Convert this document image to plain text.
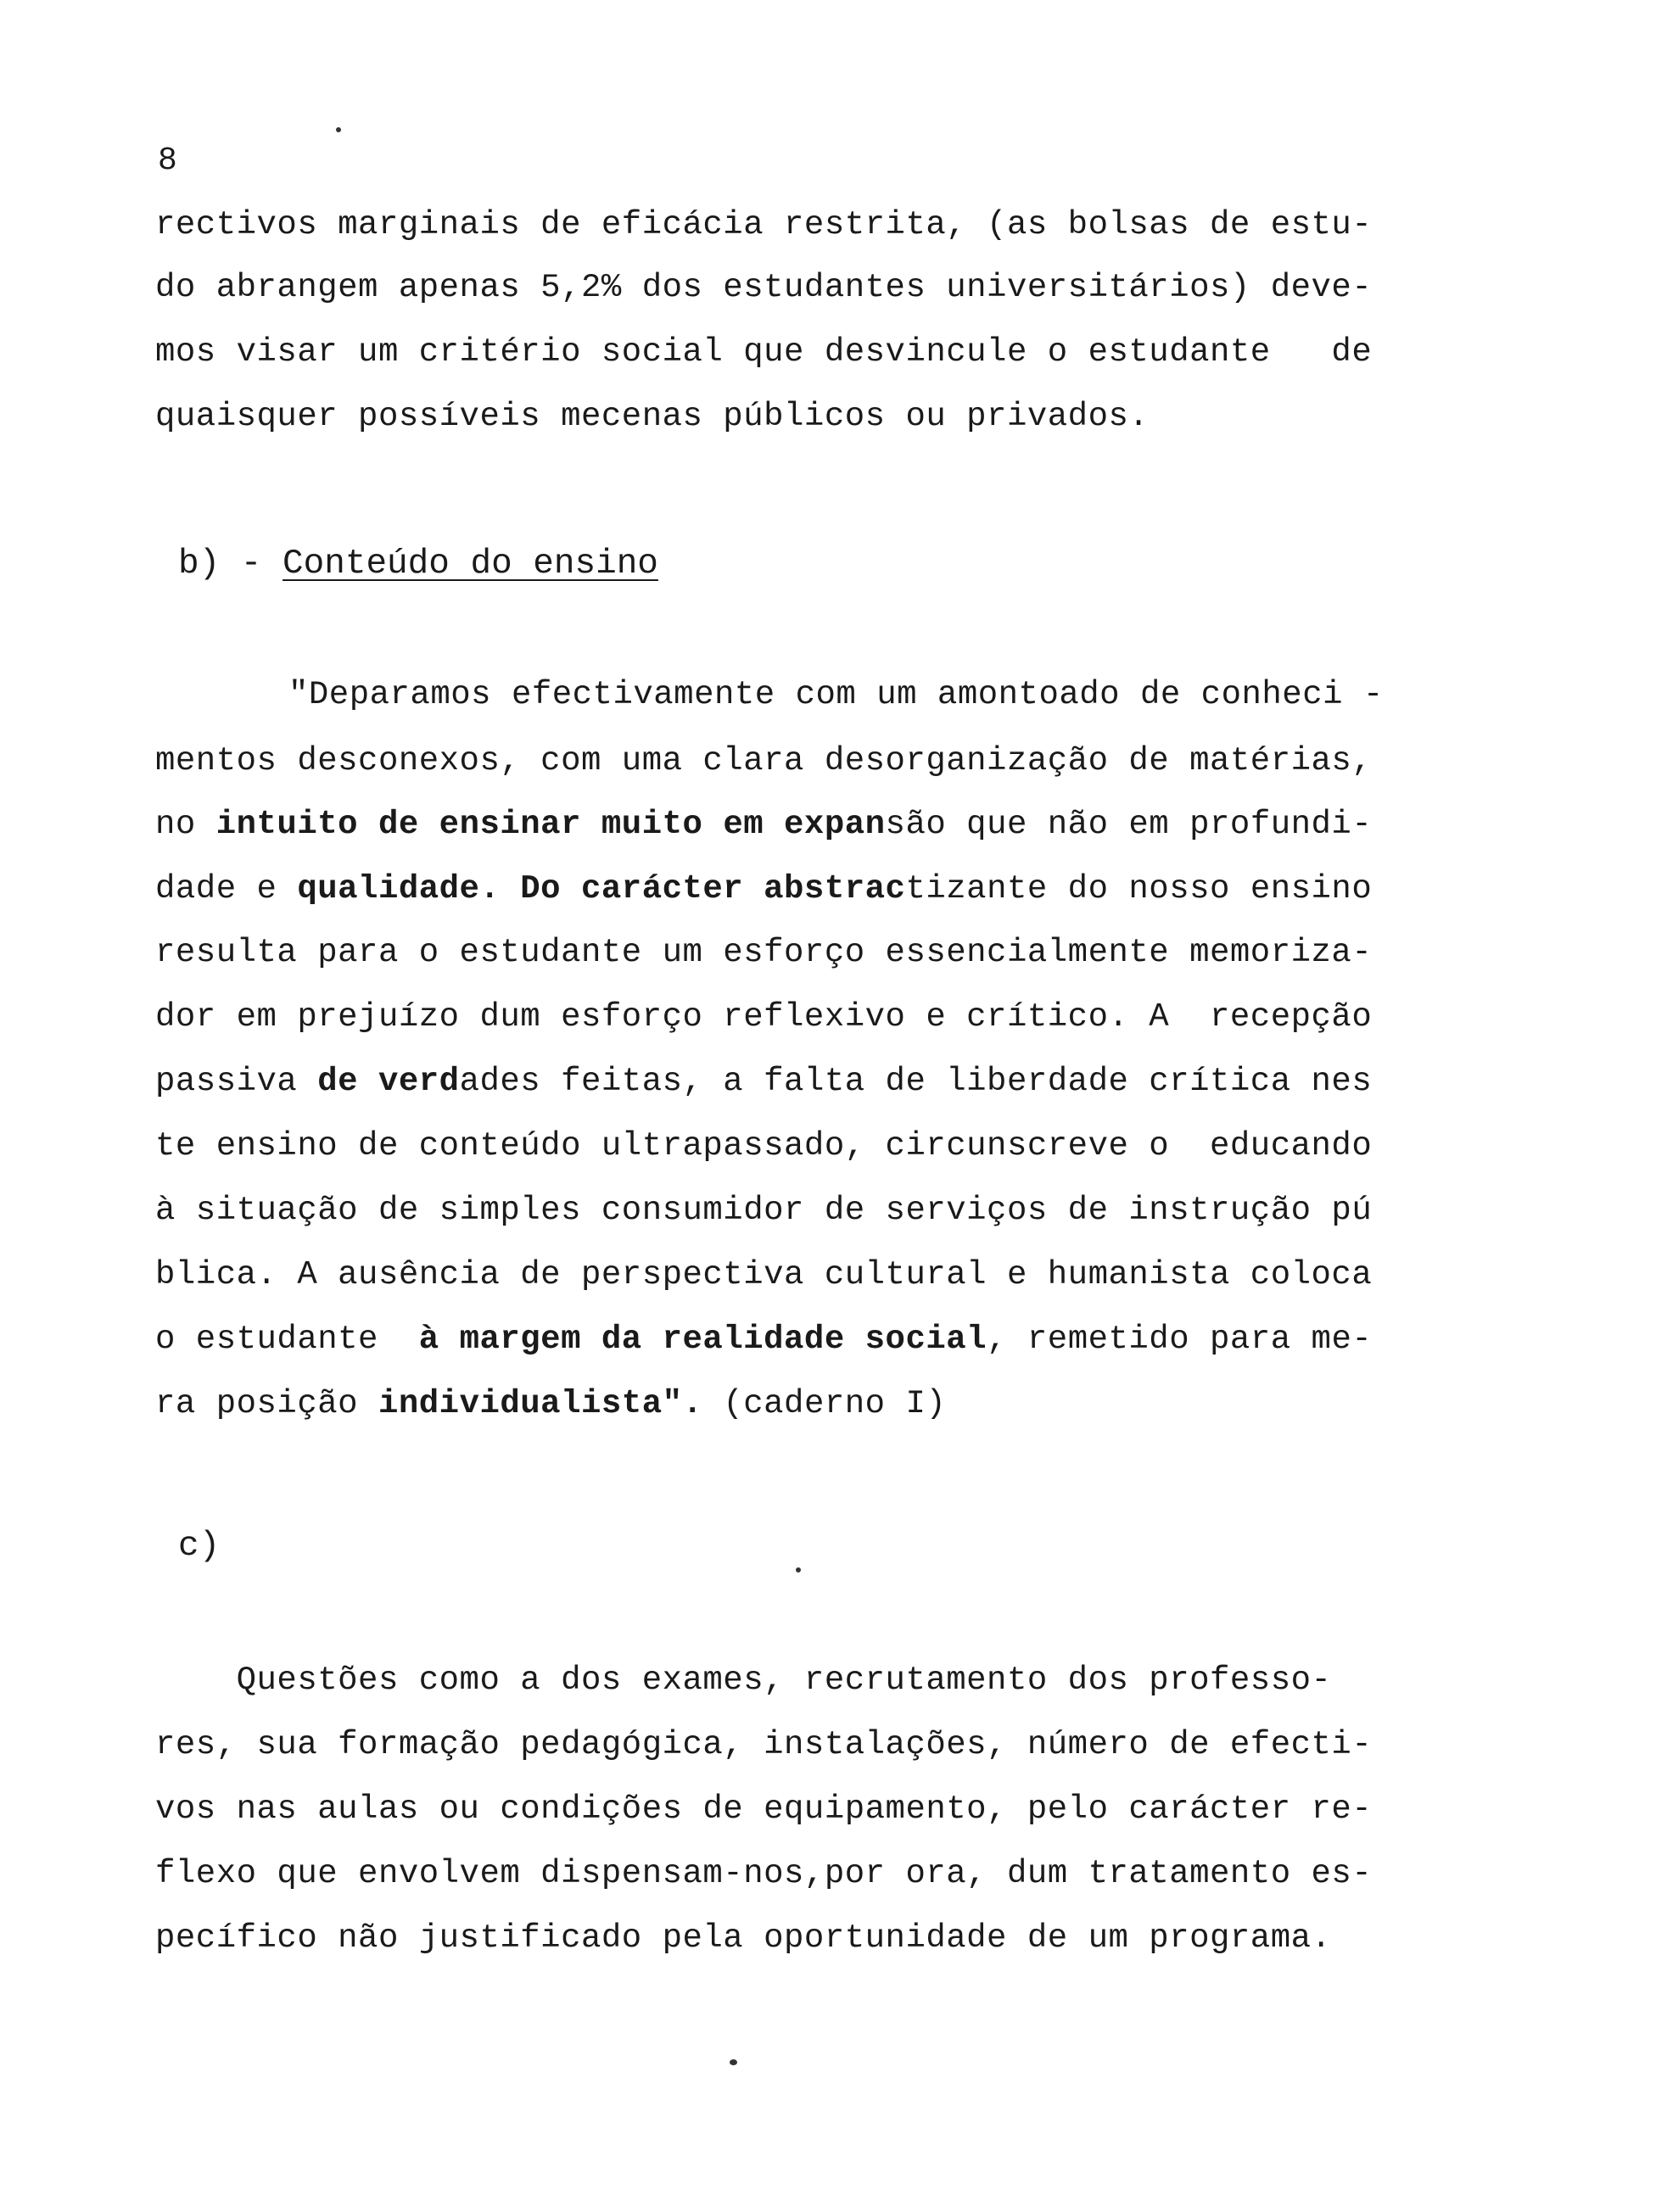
8
rectivos marginais de eficácia restrita, (as bolsas de estu-
do abrangem apenas 5,2% dos estudantes universitários) deve-
mos visar um critério social que desvincule o estudante   de
quaisquer possíveis mecenas públicos ou privados.
b) - Conteúdo do ensino
"Deparamos efectivamente com um amontoado de conheci -
mentos desconexos, com uma clara desorganização de matérias,
no intuito de ensinar muito em expansão que não em profundi-
dade e qualidade. Do carácter abstractizante do nosso ensino
resulta para o estudante um esforço essencialmente memoriza-
dor em prejuízo dum esforço reflexivo e crítico. A  recepção
passiva de verdades feitas, a falta de liberdade crítica nes
te ensino de conteúdo ultrapassado, circunscreve o  educando
à situação de simples consumidor de serviços de instrução pú
blica. A ausência de perspectiva cultural e humanista coloca
o estudante  à margem da realidade social, remetido para me-
ra posição individualista". (caderno I)
c)
Questões como a dos exames, recrutamento dos professo-
res, sua formação pedagógica, instalações, número de efecti-
vos nas aulas ou condições de equipamento, pelo carácter re-
flexo que envolvem dispensam-nos,por ora, dum tratamento es-
pecífico não justificado pela oportunidade de um programa.
